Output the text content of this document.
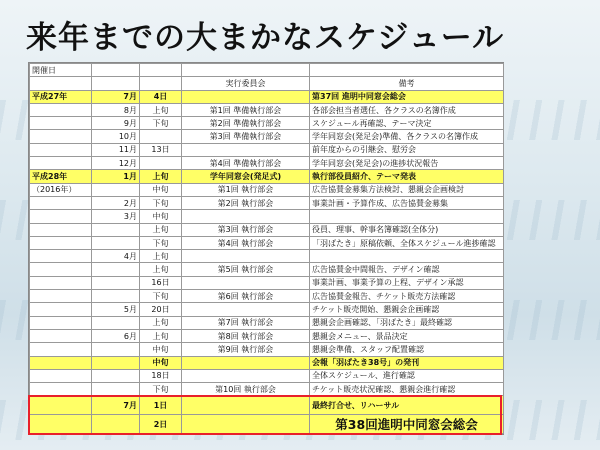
来年までの大まかなスケジュール
開催日				
			実行委員会	備考
平成27年	7月	4日		第37回 進明中同窓会総会
	8月	上旬	第1回 準備執行部会	各部会担当者選任、各クラスの名簿作成
	9月	下旬	第2回 準備執行部会	スケジュール再確認、テーマ決定
	10月		第3回 準備執行部会	学年同窓会(発足会)準備、各クラスの名簿作成
	11月	13日		前年度からの引継会、慰労会
	12月		第4回 準備執行部会	学年同窓会(発足会)の進捗状況報告
平成28年	1月	上旬	学年同窓会(発足式)	執行部役員紹介、テーマ発表
（2016年）		中旬	第1回 執行部会	広告協賛金募集方法検討、懇親会企画検討
	2月	下旬	第2回 執行部会	事業計画・予算作成、広告協賛金募集
	3月	中旬		
		上旬	第3回 執行部会	役員、理事、幹事名簿確認(全体分)
		下旬	第4回 執行部会	「羽ばたき」原稿依頼、全体スケジュール進捗確認
	4月	上旬		
		上旬	第5回 執行部会	広告協賛金中間報告、デザイン確認
		16日		事業計画、事業予算の上程、デザイン承認
		下旬	第6回 執行部会	広告協賛金報告、チケット販売方法確認
	5月	20日		チケット販売開始、懇親会企画確認
		上旬	第7回 執行部会	懇親会企画確認、「羽ばたき」最終確認
	6月	上旬	第8回 執行部会	懇親会メニュー、景品決定
		中旬	第9回 執行部会	懇親会準備、スタッフ配置確認
		中旬		会報「羽ばたき38号」の発刊
		18日		全体スケジュール、進行確認
		下旬	第10回 執行部会	チケット販売状況確認、懇親会進行確認
	7月	1日		最終打合せ、リハーサル
		2日		第38回進明中同窓会総会
